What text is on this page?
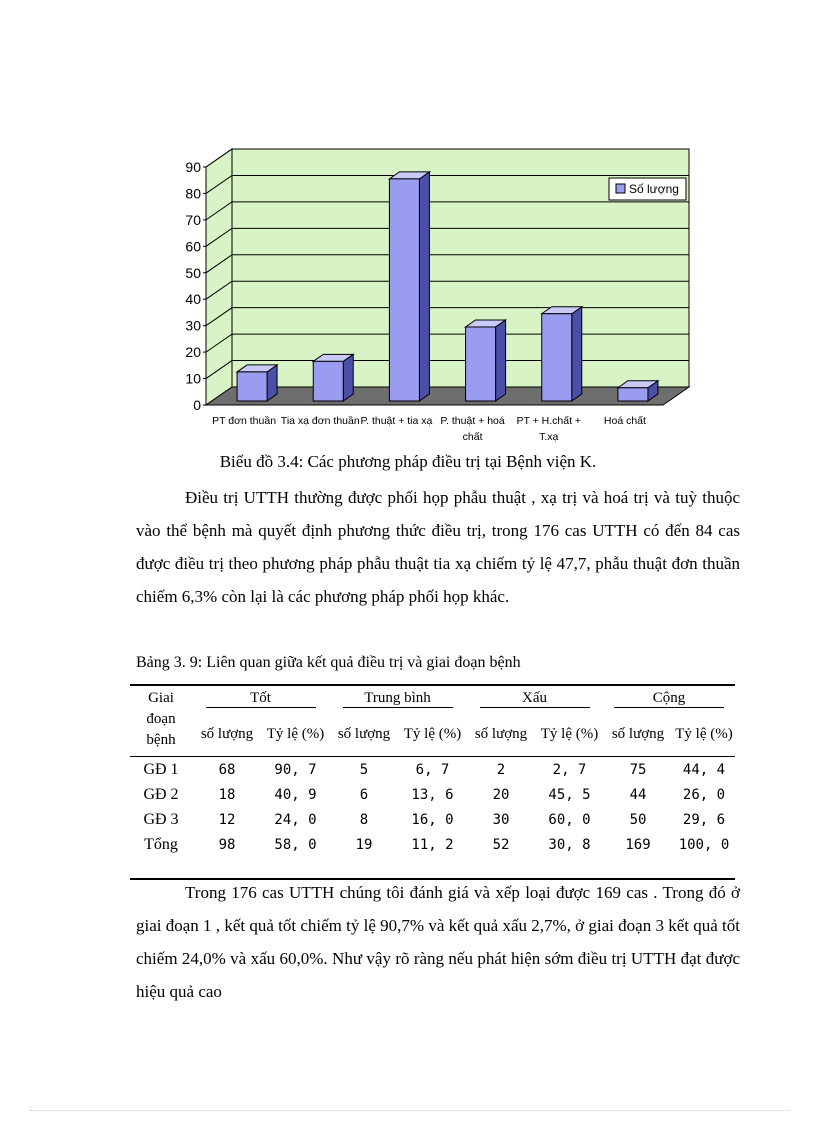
0
10
20
30
40
50
60
70
80
90
PT đơn thuần Tia xạ đơn thuần P. thuật + tia xạ P. thuật + hoá
chất
PT + H.chất +
T.xạ
Hoá chất
Số lượng
Biểu đồ 3.4: Các phương pháp điều trị tại Bệnh viện K.

Điều trị UTTH thường được phối họp phẫu thuật , xạ trị và hoá trị và tuỳ thuộc vào thể bệnh mà quyết định phương thức điều trị, trong 176 cas UTTH có đến 84 cas được điều trị theo phương pháp phẫu thuật tia xạ chiếm tỷ lệ 47,7, phẫu thuật đơn thuần chiếm 6,3% còn lại là các phương pháp phối họp khác.

Bảng 3. 9: Liên quan giữa kết quả điều trị và giai đoạn bệnh
Giai đoạn bệnh	Tốt		Trung bình		Xấu		Cộng	
	số lượng	Tỷ lệ (%)	số lượng	Tỷ lệ (%)	số lượng	Tỷ lệ (%)	số lượng	Tỷ lệ (%)
GĐ 1	68	90, 7	5	6, 7	2	2, 7	75	44, 4
GĐ 2	18	40, 9	6	13, 6	20	45, 5	44	26, 0
GĐ 3	12	24, 0	8	16, 0	30	60, 0	50	29, 6
Tổng	98	58, 0	19	11, 2	52	30, 8	169	100, 0

Trong 176 cas UTTH chúng tôi đánh giá và xếp loại được 169 cas . Trong đó ở giai đoạn 1 , kết quả tốt chiếm tỷ lệ 90,7% và kết quả xấu 2,7%, ở giai đoạn 3 kết quả tốt chiếm 24,0% và xấu 60,0%. Như vậy rõ ràng nếu phát hiện sớm điều trị UTTH đạt được hiệu quả cao
